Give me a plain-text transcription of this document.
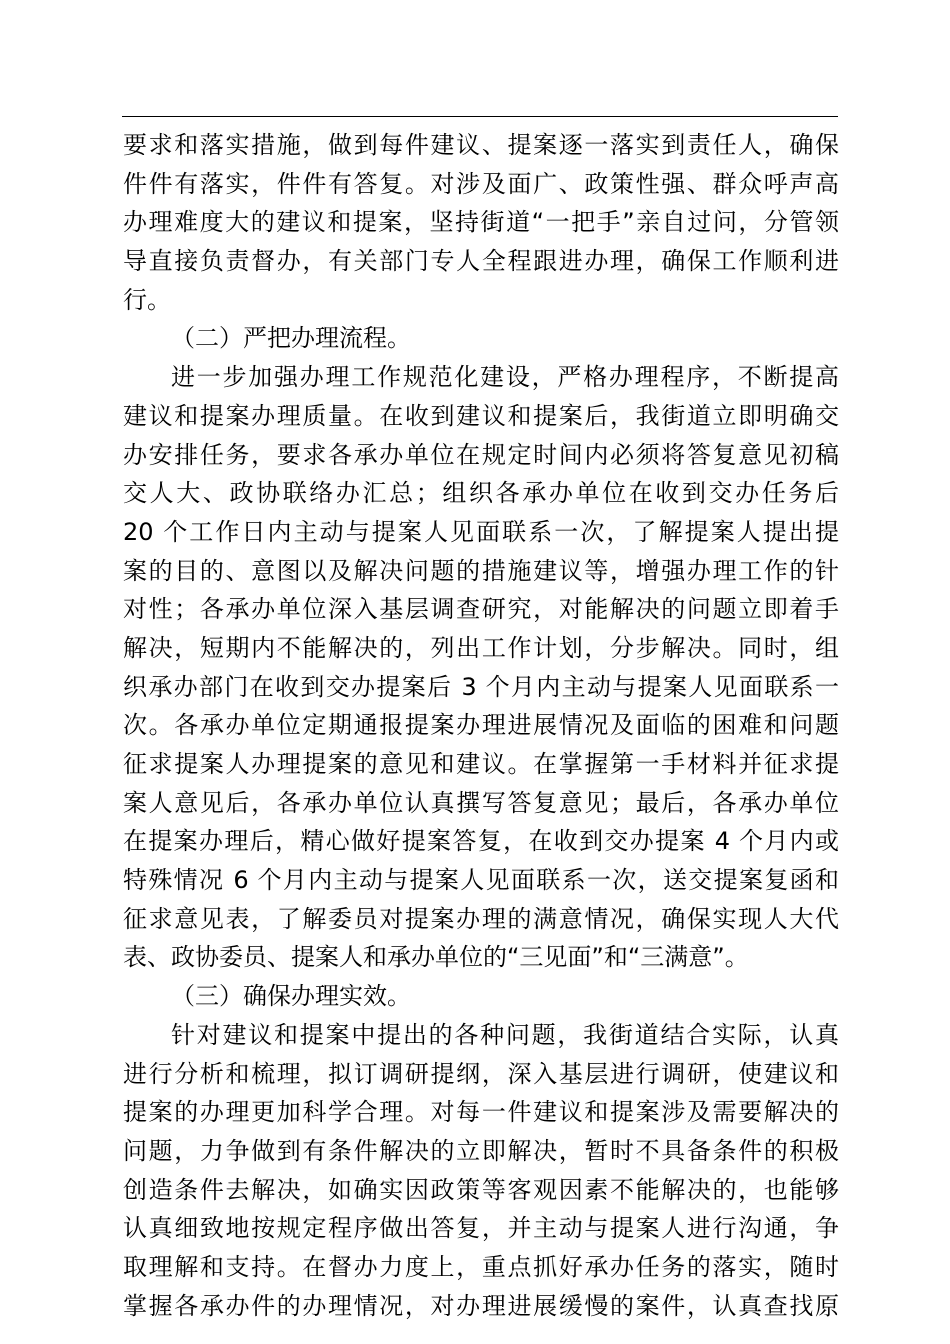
要求和落实措施，做到每件建议、提案逐一落实到责任人，确保
件件有落实，件件有答复。对涉及面广、政策性强、群众呼声高
办理难度大的建议和提案，坚持街道“一把手”亲自过问，分管领
导直接负责督办，有关部门专人全程跟进办理，确保工作顺利进
行。
（二）严把办理流程。
进一步加强办理工作规范化建设，严格办理程序，不断提高
建议和提案办理质量。在收到建议和提案后，我街道立即明确交
办安排任务，要求各承办单位在规定时间内必须将答复意见初稿
交人大、政协联络办汇总；组织各承办单位在收到交办任务后
20 个工作日内主动与提案人见面联系一次，了解提案人提出提
案的目的、意图以及解决问题的措施建议等，增强办理工作的针
对性；各承办单位深入基层调查研究，对能解决的问题立即着手
解决，短期内不能解决的，列出工作计划，分步解决。同时，组
织承办部门在收到交办提案后 3 个月内主动与提案人见面联系一
次。各承办单位定期通报提案办理进展情况及面临的困难和问题
征求提案人办理提案的意见和建议。在掌握第一手材料并征求提
案人意见后，各承办单位认真撰写答复意见；最后，各承办单位
在提案办理后，精心做好提案答复，在收到交办提案 4 个月内或
特殊情况 6 个月内主动与提案人见面联系一次，送交提案复函和
征求意见表，了解委员对提案办理的满意情况，确保实现人大代
表、政协委员、提案人和承办单位的“三见面”和“三满意”。
（三）确保办理实效。
针对建议和提案中提出的各种问题，我街道结合实际，认真
进行分析和梳理，拟订调研提纲，深入基层进行调研，使建议和
提案的办理更加科学合理。对每一件建议和提案涉及需要解决的
问题，力争做到有条件解决的立即解决，暂时不具备条件的积极
创造条件去解决，如确实因政策等客观因素不能解决的，也能够
认真细致地按规定程序做出答复，并主动与提案人进行沟通，争
取理解和支持。在督办力度上，重点抓好承办任务的落实，随时
掌握各承办件的办理情况，对办理进展缓慢的案件，认真查找原
